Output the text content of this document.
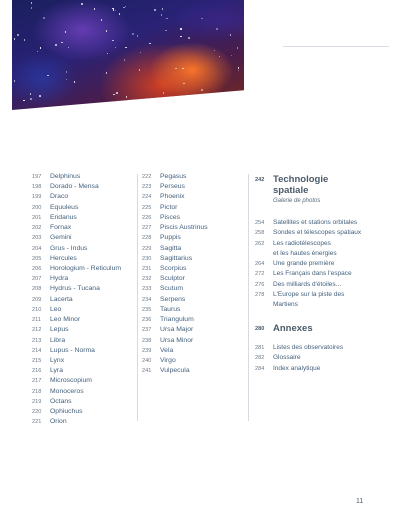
197	Delphinus
198	Dorado - Mensa
199	Draco
200	Equuleus
201	Eridanus
202	Fornax
203	Gemini
204	Grus - Indus
205	Hercules
206	Horologium - Reticulum
207	Hydra
208	Hydrus - Tucana
209	Lacerta
210	Leo
211	Leo Minor
212	Lepus
213	Libra
214	Lupus - Norma
215	Lynx
216	Lyra
217	Microscopium
218	Monoceros
219	Octans
220	Ophiuchus
221	Orion
222	Pegasus
223	Perseus
224	Phoenix
225	Pictor
226	Pisces
227	Piscis Austrinus
228	Puppis
229	Sagitta
230	Sagittarius
231	Scorpius
232	Sculptor
233	Scutum
234	Serpens
235	Taurus
236	Triangulum
237	Ursa Major
238	Ursa Minor
239	Vela
240	Virgo
241	Vulpecula
242 Technologie
spatiale
Galerie de photos
254	Satellites et stations orbitales
258	Sondes et télescopes spatiaux
262	Les radiotélescopes
et les hautes énergies
264	Une grande première
272	Les Français dans l'espace
276	Des milliards d'étoiles...
278	L'Europe sur la piste des
Martiens
280 Annexes
281	Listes des observatoires
282	Glossaire
284	Index analytique
11
